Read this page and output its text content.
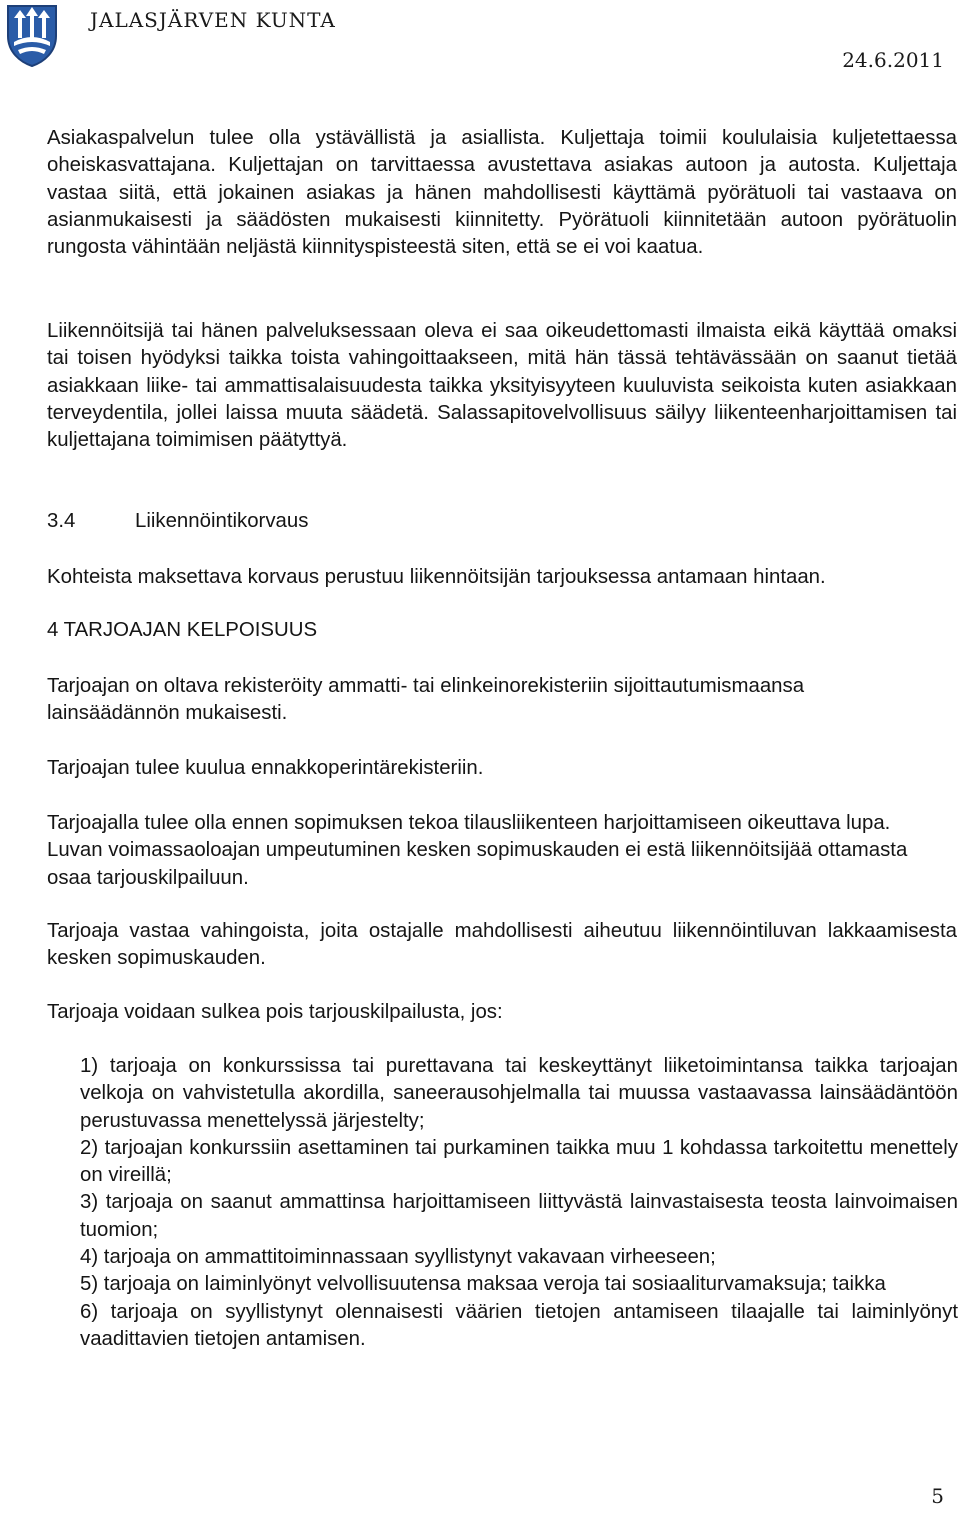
JALASJÄRVEN KUNTA
24.6.2011

Asiakaspalvelun tulee olla ystävällistä ja asiallista. Kuljettaja toimii koululaisia kuljetettaessa oheiskasvattajana. Kuljettajan on tarvittaessa avustettava asiakas autoon ja autosta. Kuljettaja vastaa siitä, että jokainen asiakas ja hänen mahdollisesti käyttämä pyörätuoli tai vastaava on asianmukaisesti ja säädösten mukaisesti kiinnitetty. Pyörätuoli kiinnitetään autoon pyörätuolin rungosta vähintään neljästä kiinnityspisteestä siten, että se ei voi kaatua.

Liikennöitsijä tai hänen palveluksessaan oleva ei saa oikeudettomasti ilmaista eikä käyttää omaksi tai toisen hyödyksi taikka toista vahingoittaakseen, mitä hän tässä tehtävässään on saanut tietää asiakkaan liike- tai ammattisalaisuudesta taikka yksityisyyteen kuuluvista seikoista kuten asiakkaan terveydentila, jollei laissa muuta säädetä. Salassapitovelvollisuus säilyy liikenteenharjoittamisen tai kuljettajana toimimisen päätyttyä.

3.4	Liikennöintikorvaus

Kohteista maksettava korvaus perustuu liikennöitsijän tarjouksessa antamaan hintaan.

4 TARJOAJAN KELPOISUUS

Tarjoajan on oltava rekisteröity ammatti- tai elinkeinorekisteriin sijoittautumismaansa lainsäädännön mukaisesti.

Tarjoajan tulee kuulua ennakkoperintärekisteriin.

Tarjoajalla tulee olla ennen sopimuksen tekoa tilausliikenteen harjoittamiseen oikeuttava lupa. Luvan voimassaoloajan umpeutuminen kesken sopimuskauden ei estä liikennöitsijää ottamasta osaa tarjouskilpailuun.

Tarjoaja vastaa vahingoista, joita ostajalle mahdollisesti aiheutuu liikennöintiluvan lakkaamisesta kesken sopimuskauden.

Tarjoaja voidaan sulkea pois tarjouskilpailusta, jos:

1) tarjoaja on konkurssissa tai purettavana tai keskeyttänyt liiketoimintansa taikka tarjoajan velkoja on vahvistetulla akordilla, saneerausohjelmalla tai muussa vastaavassa lainsäädäntöön perustuvassa menettelyssä järjestelty;
2) tarjoajan konkurssiin asettaminen tai purkaminen taikka muu 1 kohdassa tarkoitettu menettely on vireillä;
3) tarjoaja on saanut ammattinsa harjoittamiseen liittyvästä lainvastaisesta teosta lainvoimaisen tuomion;
4) tarjoaja on ammattitoiminnassaan syyllistynyt vakavaan virheeseen;
5) tarjoaja on laiminlyönyt velvollisuutensa maksaa veroja tai sosiaaliturvamaksuja; taikka
6) tarjoaja on syyllistynyt olennaisesti väärien tietojen antamiseen tilaajalle tai laiminlyönyt vaadittavien tietojen antamisen.
5
